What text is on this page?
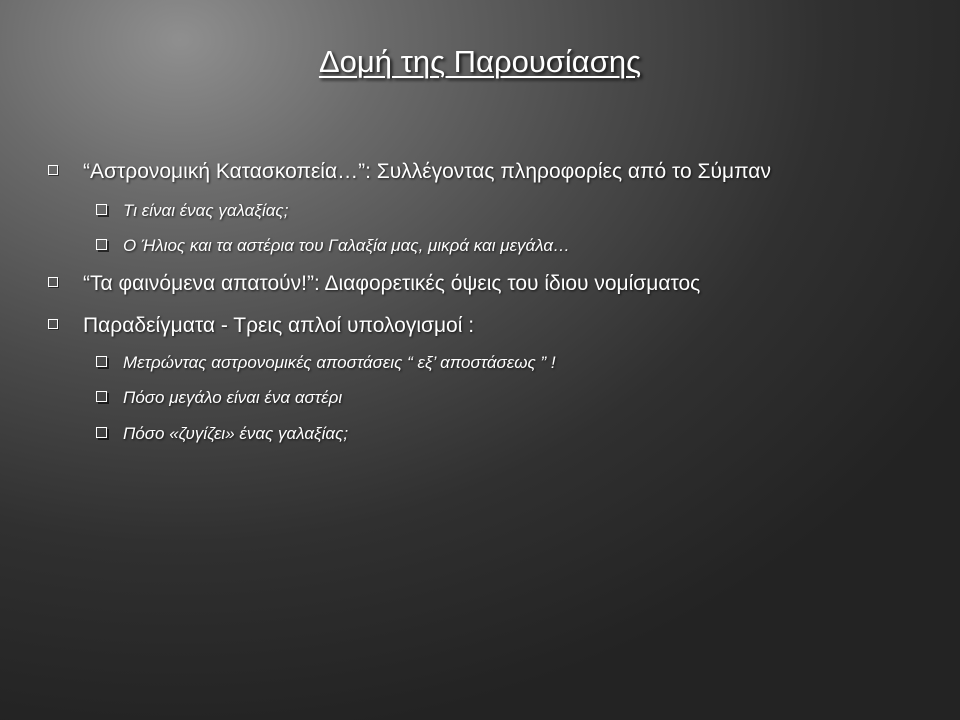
Δομή της Παρουσίασης
“Αστρονομική Κατασκοπεία…”: Συλλέγοντας πληροφορίες από το Σύμπαν
Τι είναι ένας γαλαξίας;
Ο Ήλιος και τα αστέρια του Γαλαξία μας, μικρά και μεγάλα…
“Τα φαινόμενα απατούν!”: Διαφορετικές όψεις του ίδιου νομίσματος
Παραδείγματα - Τρεις απλοί υπολογισμοί :
Μετρώντας αστρονομικές αποστάσεις “ εξ’ αποστάσεως ” !
Πόσο μεγάλο είναι ένα αστέρι
Πόσο «ζυγίζει» ένας γαλαξίας;
